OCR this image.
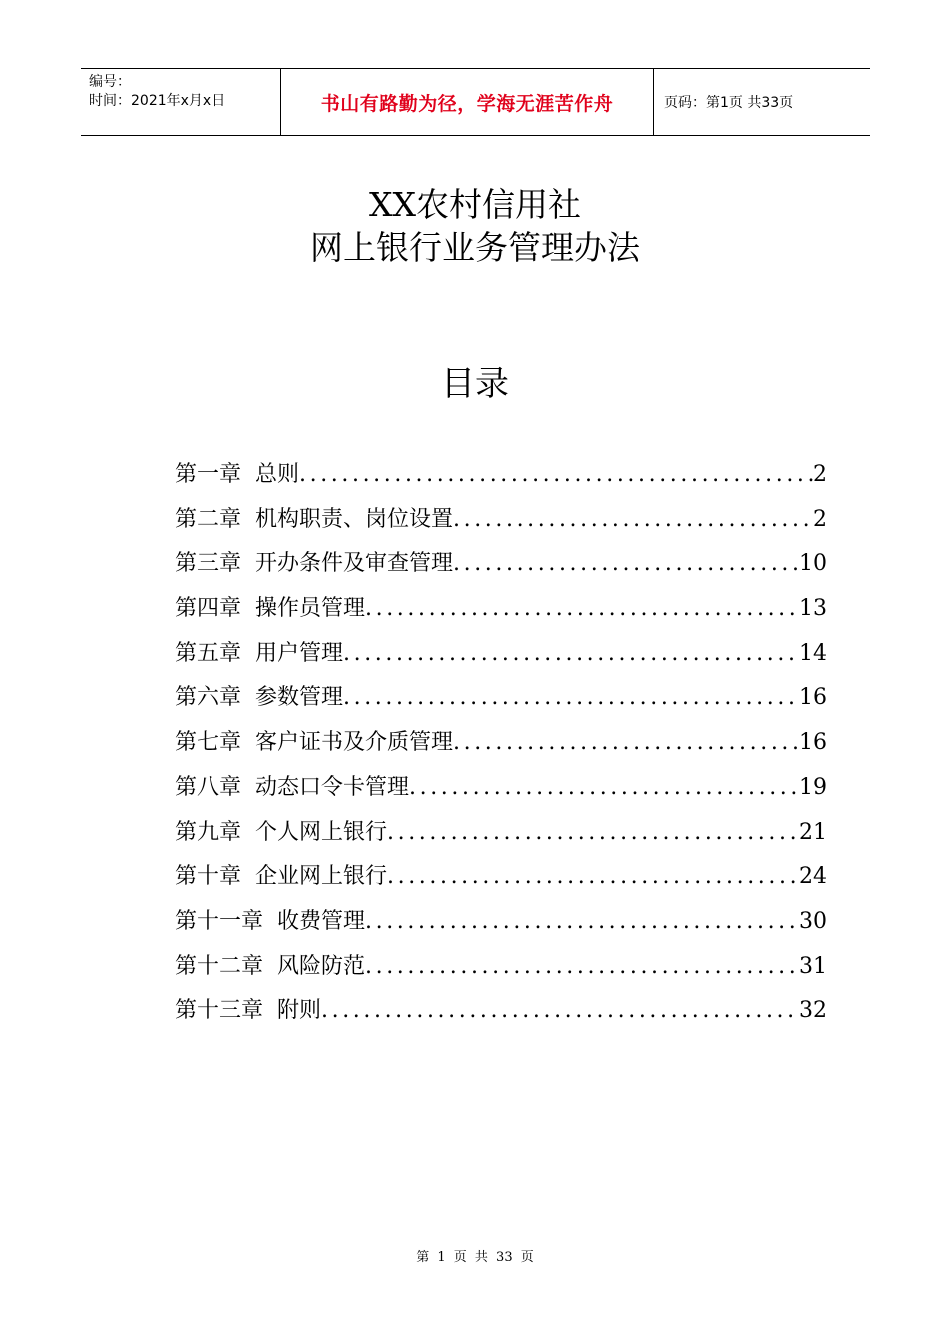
编号：
时间：2021年x月x日	书山有路勤为径，学海无涯苦作舟	页码：第1页 共33页
XX农村信用社
网上银行业务管理办法
目录
第一章 总则 .....	2
第二章 机构职责、岗位设置 .....	2
第三章 开办条件及审查管理 .....	10
第四章 操作员管理 .....	13
第五章 用户管理 .....	14
第六章 参数管理 .....	16
第七章 客户证书及介质管理 .....	16
第八章 动态口令卡管理 .....	19
第九章 个人网上银行 .....	21
第十章 企业网上银行 .....	24
第十一章 收费管理 .....	30
第十二章 风险防范 .....	31
第十三章 附则 .....	32
第 1 页 共 33 页
